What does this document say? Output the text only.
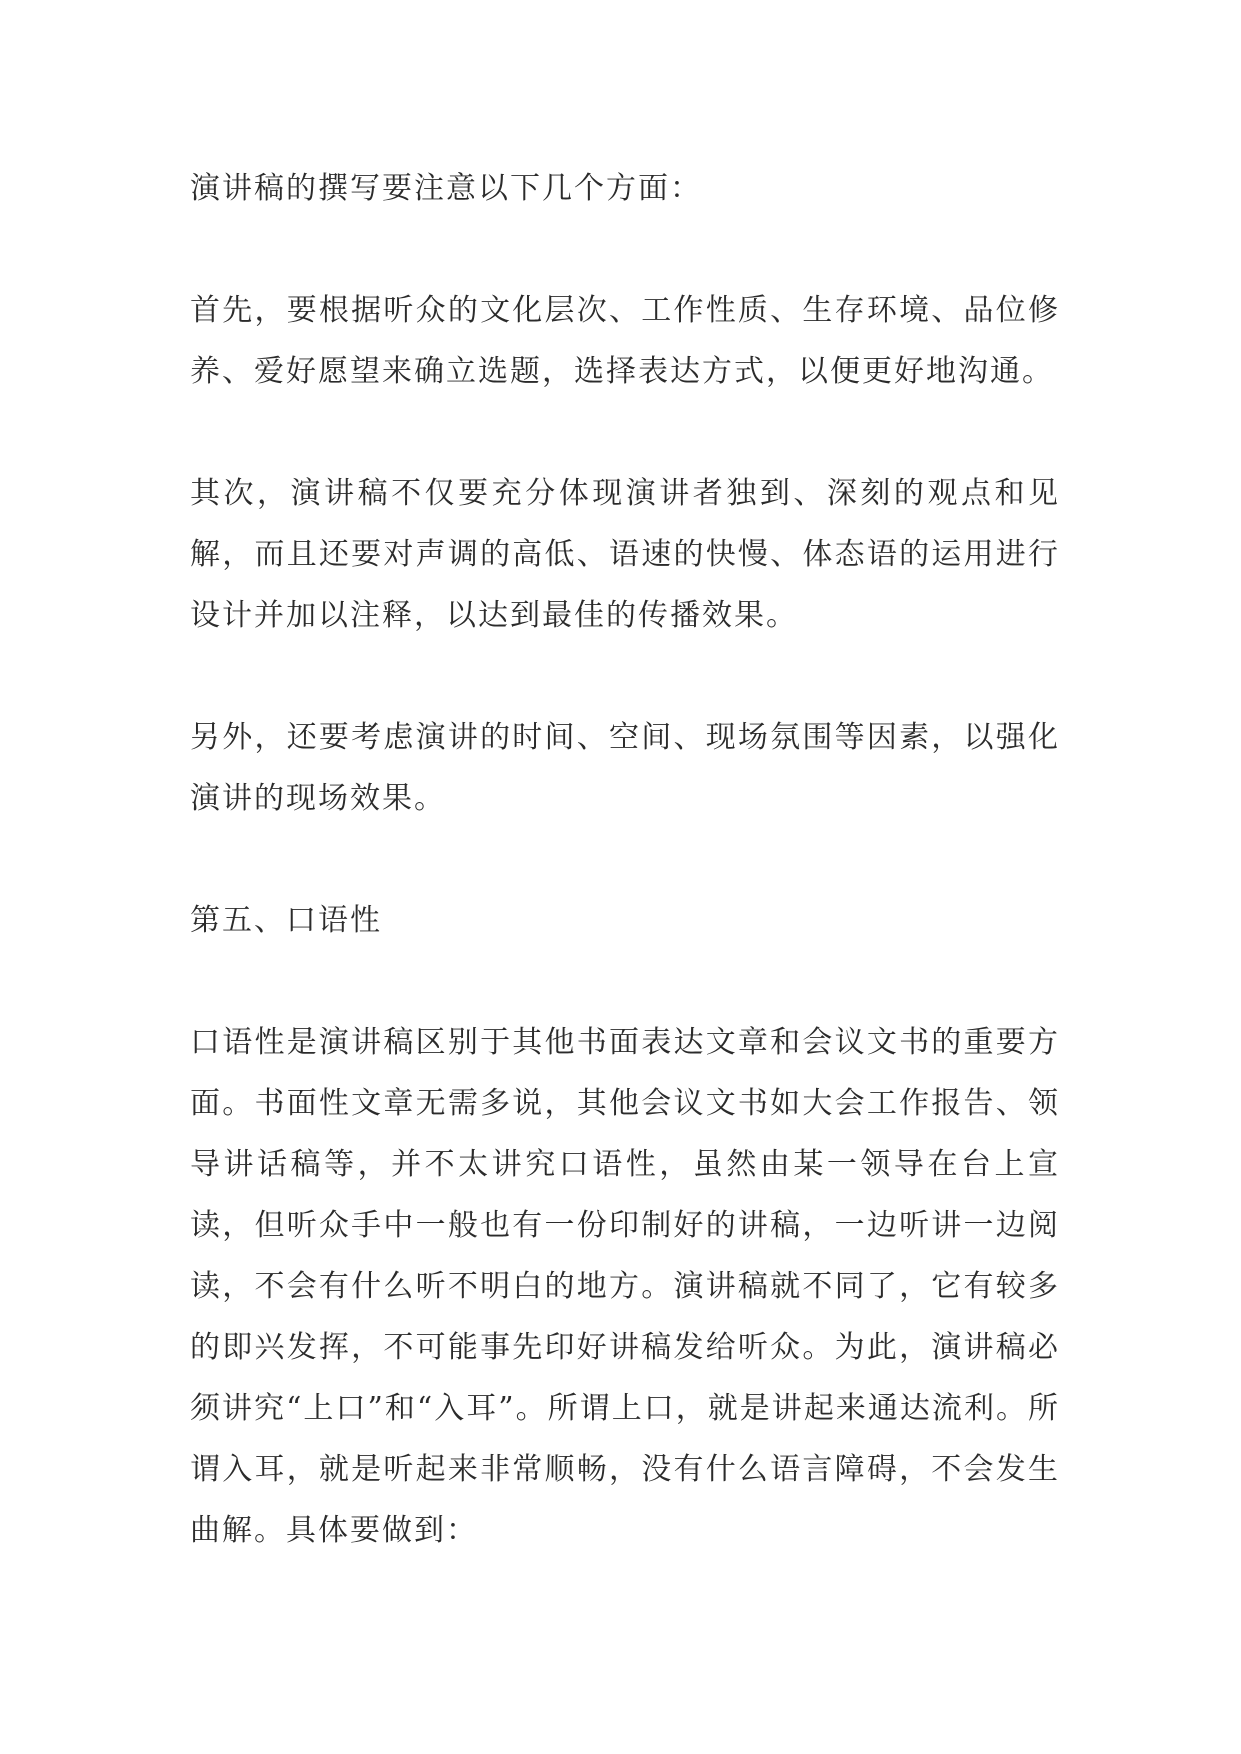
演讲稿的撰写要注意以下几个方面：

首先，要根据听众的文化层次、工作性质、生存环境、品位修养、爱好愿望来确立选题，选择表达方式，以便更好地沟通。

其次，演讲稿不仅要充分体现演讲者独到、深刻的观点和见解，而且还要对声调的高低、语速的快慢、体态语的运用进行设计并加以注释，以达到最佳的传播效果。

另外，还要考虑演讲的时间、空间、现场氛围等因素，以强化演讲的现场效果。

第五、口语性

口语性是演讲稿区别于其他书面表达文章和会议文书的重要方面。书面性文章无需多说，其他会议文书如大会工作报告、领导讲话稿等，并不太讲究口语性，虽然由某一领导在台上宣读，但听众手中一般也有一份印制好的讲稿，一边听讲一边阅读，不会有什么听不明白的地方。演讲稿就不同了，它有较多的即兴发挥，不可能事先印好讲稿发给听众。为此，演讲稿必须讲究“上口”和“入耳”。所谓上口，就是讲起来通达流利。所谓入耳，就是听起来非常顺畅，没有什么语言障碍，不会发生曲解。具体要做到：
